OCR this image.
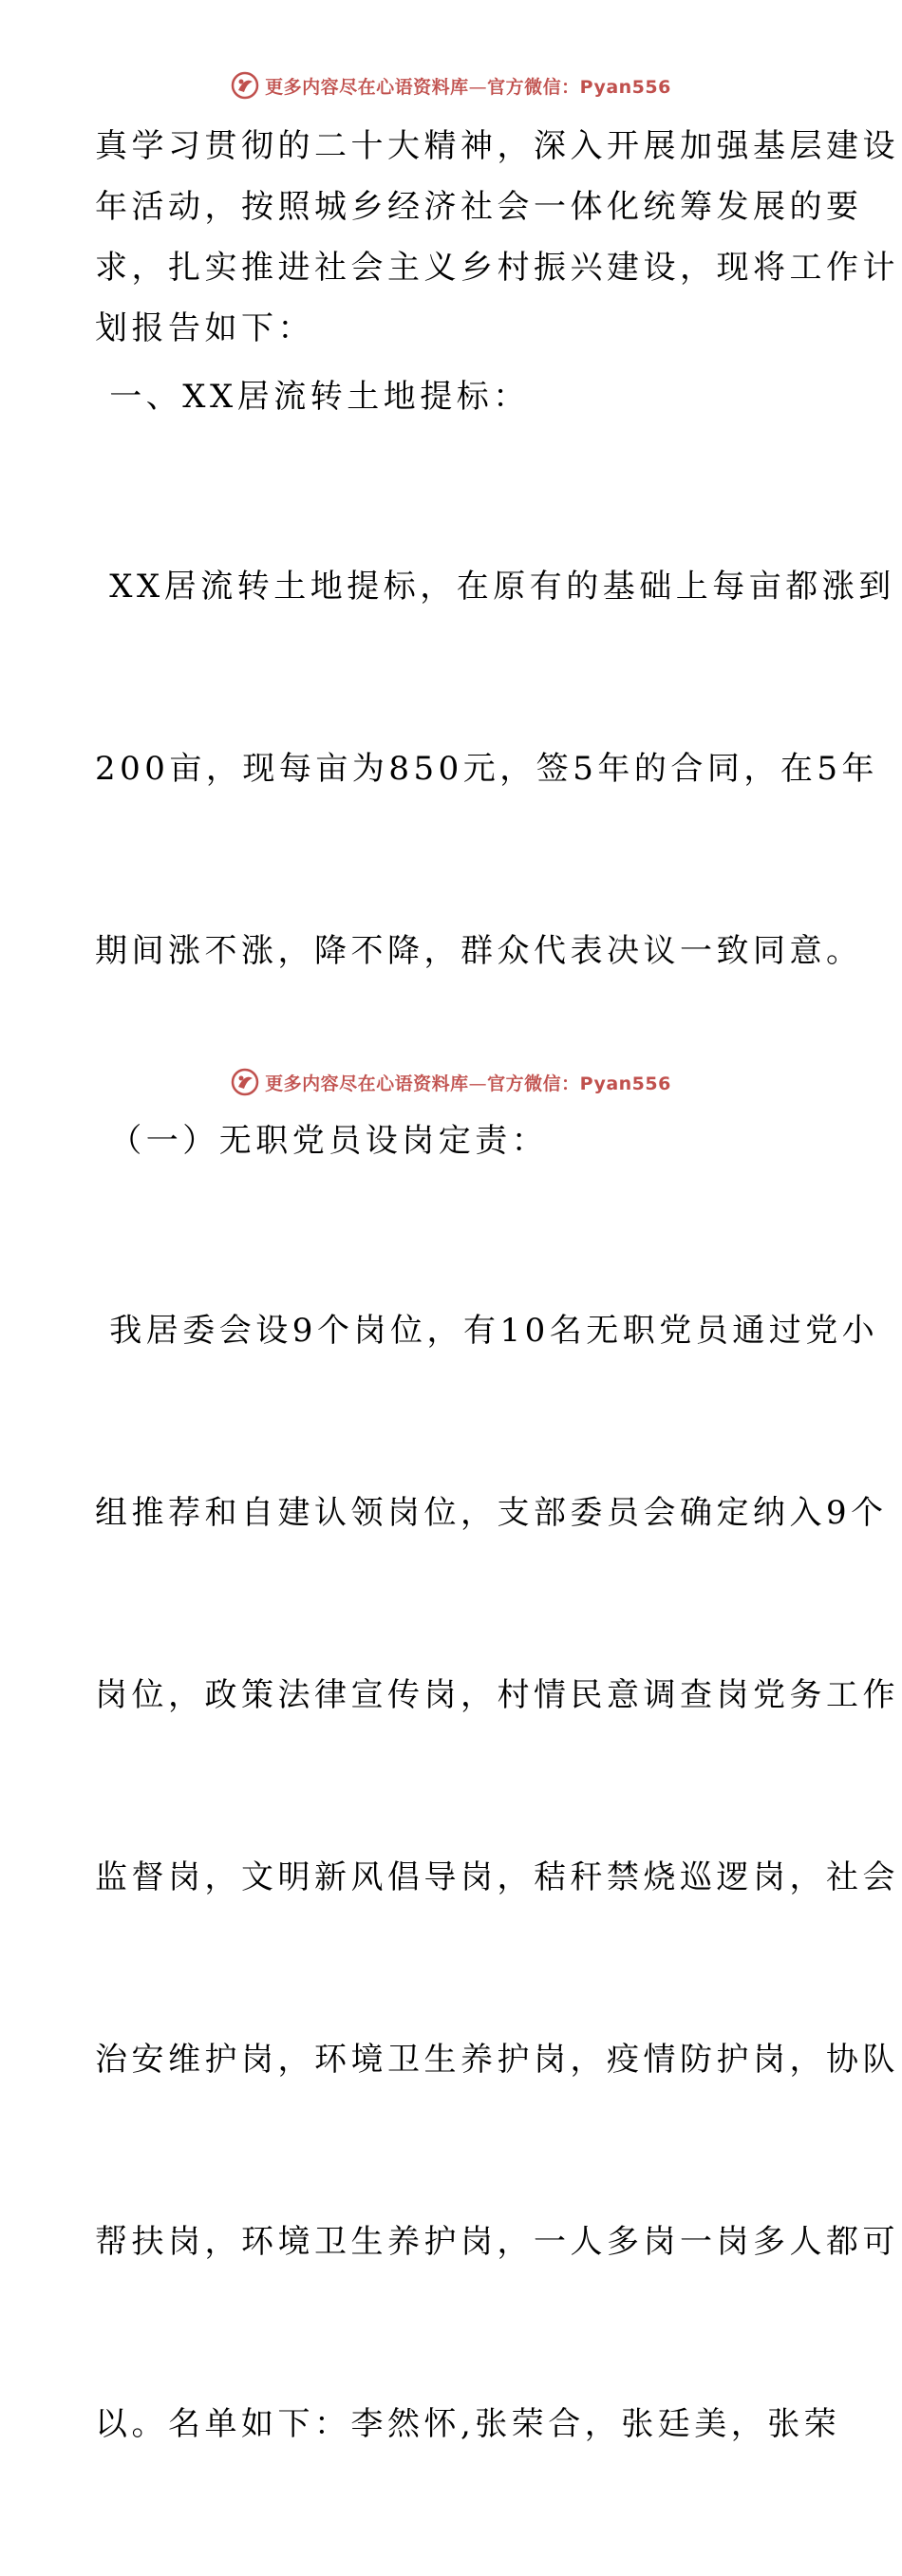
更多内容尽在心语资料库—官方微信：Pyan556

真学习贯彻的二十大精神，深入开展加强基层建设
年活动，按照城乡经济社会一体化统筹发展的要
求，扎实推进社会主义乡村振兴建设，现将工作计
划报告如下：

一、XX居流转土地提标：

XX居流转土地提标，在原有的基础上每亩都涨到

200亩，现每亩为850元，签5年的合同，在5年

期间涨不涨，降不降，群众代表决议一致同意。

（一）无职党员设岗定责：

我居委会设9个岗位，有10名无职党员通过党小

组推荐和自建认领岗位，支部委员会确定纳入9个

岗位，政策法律宣传岗，村情民意调查岗党务工作

监督岗，文明新风倡导岗，秸秆禁烧巡逻岗，社会

治安维护岗，环境卫生养护岗，疫情防护岗，协队

帮扶岗，环境卫生养护岗，一人多岗一岗多人都可

以。名单如下：李然怀,张荣合，张廷美，张荣

更多内容尽在心语资料库—官方微信：Pyan556
